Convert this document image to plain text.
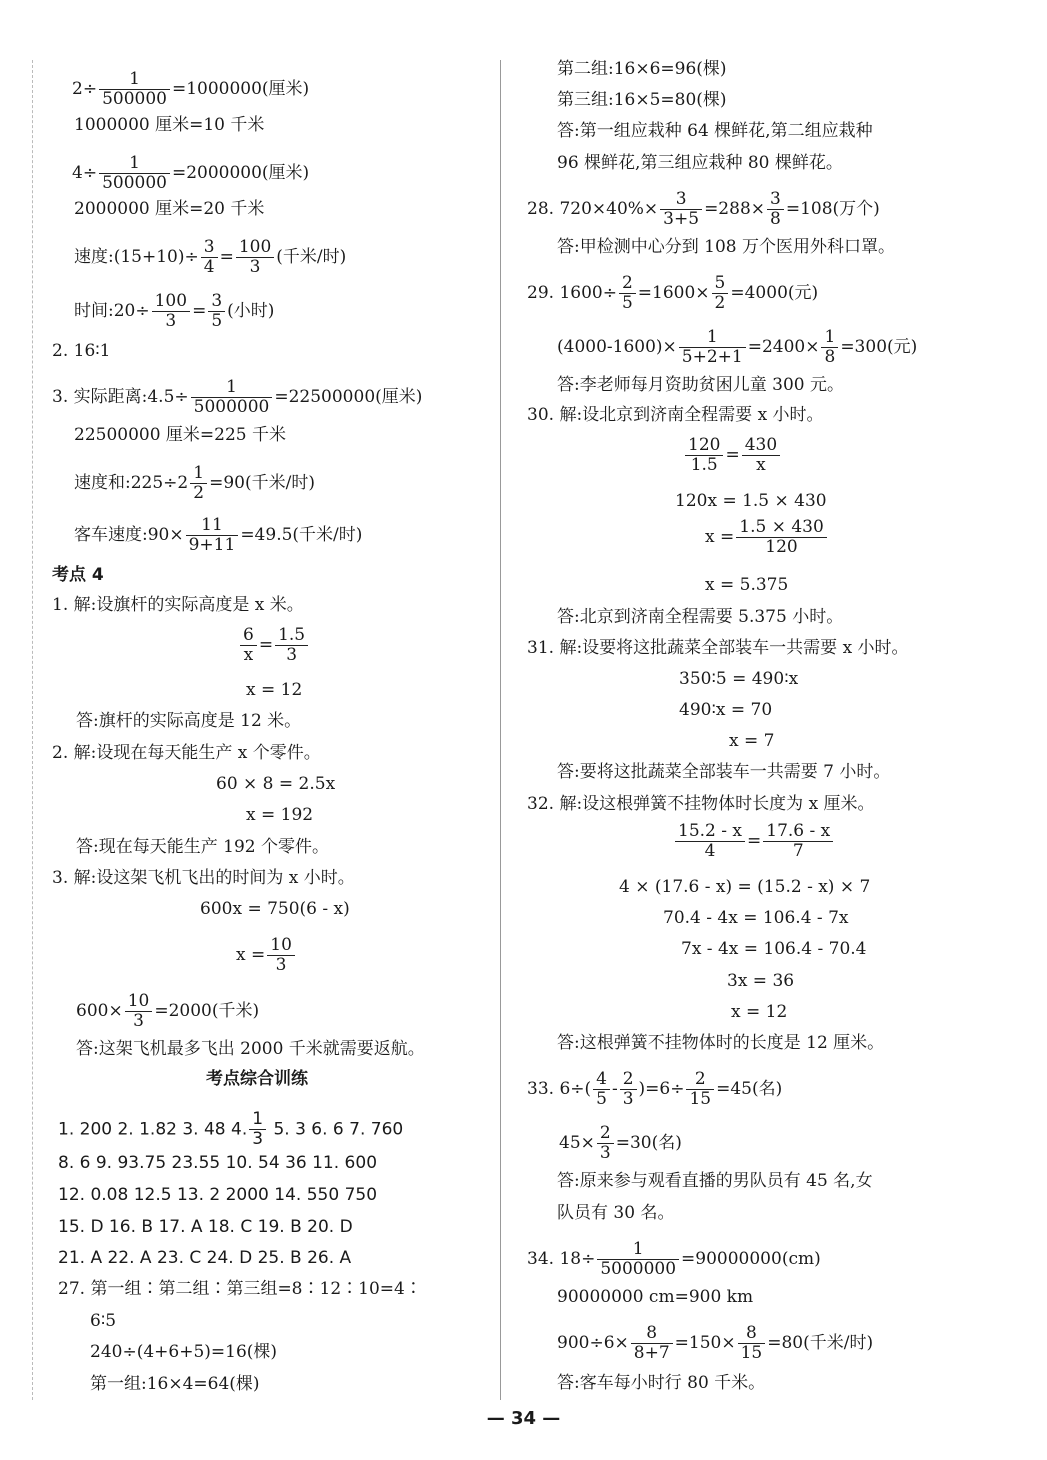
$2\div \frac{1}{500000} =1000000$(厘米)
1000000 厘米=10 千米
$4\div \frac{1}{500000} =2000000$(厘米)
2000000 厘米=20 千米
速度:(15+10)÷ $\frac{3}{4} = \frac{100}{3}$ (千米/时)
时间:20÷ $\frac{100}{3} = \frac{3}{5}$ (小时)
2. 16∶1
3. 实际距离:4.5÷ $\frac{1}{5000000} =22500000$(厘米)
22500000 厘米=225 千米
速度和:225÷2 $\frac{1}{2} =90$(千米/时)
客车速度:90× $\frac{11}{9+11} =49.5$(千米/时)
考点 4
1. 解:设旗杆的实际高度是 x 米。
$\frac{6}{x} = \frac{1.5}{3}$
x = 12
答:旗杆的实际高度是 12 米。
2. 解:设现在每天能生产 x 个零件。
60 × 8 = 2.5x
x = 192
答:现在每天能生产 192 个零件。
3. 解:设这架飞机飞出的时间为 x 小时。
600x = 750(6 - x)
$x = \frac{10}{3}$
$600\times \frac{10}{3} =2000$(千米)
答:这架飞机最多飞出 2000 千米就需要返航。
考点综合训练
1. 200 2. 1.82 3. 48 4. $\frac{1}{3} 5$. 3 6. 6 7. 760
8. 6 9. 93.75 23.55 10. 54 36 11. 600
12. 0.08 12.5 13. 2 2000 14. 550 750
15. D 16. B 17. A 18. C 19. B 20. D
21. A 22. A 23. C 24. D 25. B 26. A
27. 第一组∶第二组∶第三组=8∶12∶10=4∶
6∶5
240÷(4+6+5)=16(棵)
第一组:16×4=64(棵)
第二组:16×6=96(棵)
第三组:16×5=80(棵)
答:第一组应栽种 64 棵鲜花,第二组应栽种
96 棵鲜花,第三组应栽种 80 棵鲜花。
28. $720\times 40\%\times \frac{3}{3+5} =288\times \frac{3}{8} =108$(万个)
答:甲检测中心分到 108 万个医用外科口罩。
29. $1600\div \frac{2}{5} =1600\times \frac{5}{2} =4000$(元)
$(4000-1600)\times \frac{1}{5+2+1} =2400\times \frac{1}{8} =300$(元)
答:李老师每月资助贫困儿童 300 元。
30. 解:设北京到济南全程需要 x 小时。
$\frac{120}{1.5} = \frac{430}{x}$
120x = 1.5 × 430
$x = \frac{1.5 \times 430}{120}$
x = 5.375
答:北京到济南全程需要 5.375 小时。
31. 解:设要将这批蔬菜全部装车一共需要 x 小时。
350∶5 = 490∶x
490∶x = 70
x = 7
答:要将这批蔬菜全部装车一共需要 7 小时。
32. 解:设这根弹簧不挂物体时长度为 x 厘米。
$\frac{15.2 - x}{4} = \frac{17.6 - x}{7}$
4 × (17.6 - x) = (15.2 - x) × 7
70.4 - 4x = 106.4 - 7x
7x - 4x = 106.4 - 70.4
3x = 36
x = 12
答:这根弹簧不挂物体时的长度是 12 厘米。
33. $6\div( \frac{4}{5} - \frac{2}{3} )=6\div \frac{2}{15} =45$(名)
$45\times \frac{2}{3} =30$(名)
答:原来参与观看直播的男队员有 45 名,女
队员有 30 名。
34. $18\div \frac{1}{5000000} =90000000(cm)$
90000000 cm=900 km
$900\div 6\times \frac{8}{8+7} =150\times \frac{8}{15} =80$(千米/时)
答:客车每小时行 80 千米。
— 34 —
